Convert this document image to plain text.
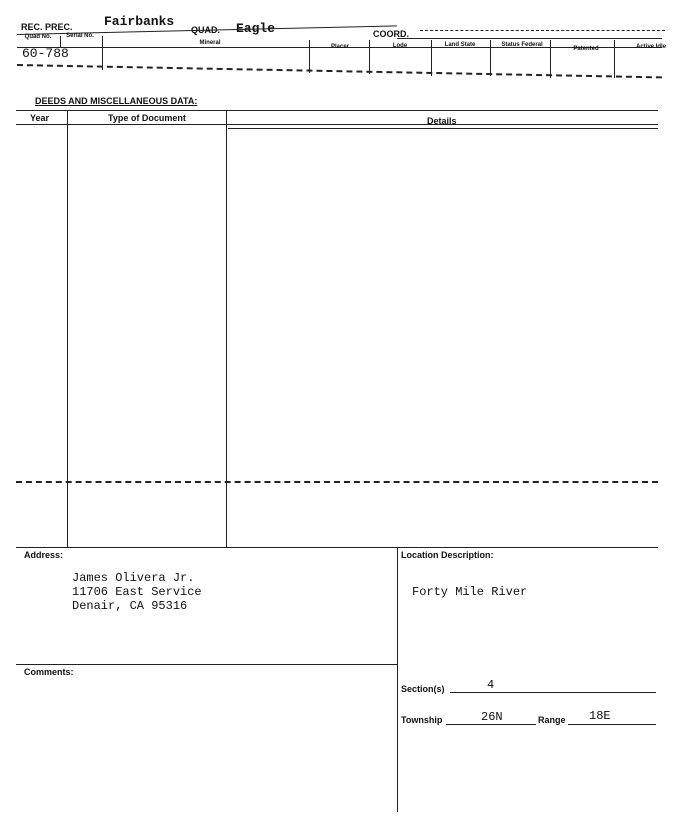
REC. PREC. Fairbanks
QUAD. Eagle	COORD.
Quad No. Serial No.
Mineral
Placer	Lode	Land State	Status Federal
Patented	Active Idle
60-788
DEEDS AND MISCELLANEOUS DATA:
Year	Type of Document	Details
Address:
James Olivera Jr.
11706 East Service
Denair, CA 95316
Location Description:
Forty Mile River
Comments:
Section(s)	4
Township	26N	Range 18E
